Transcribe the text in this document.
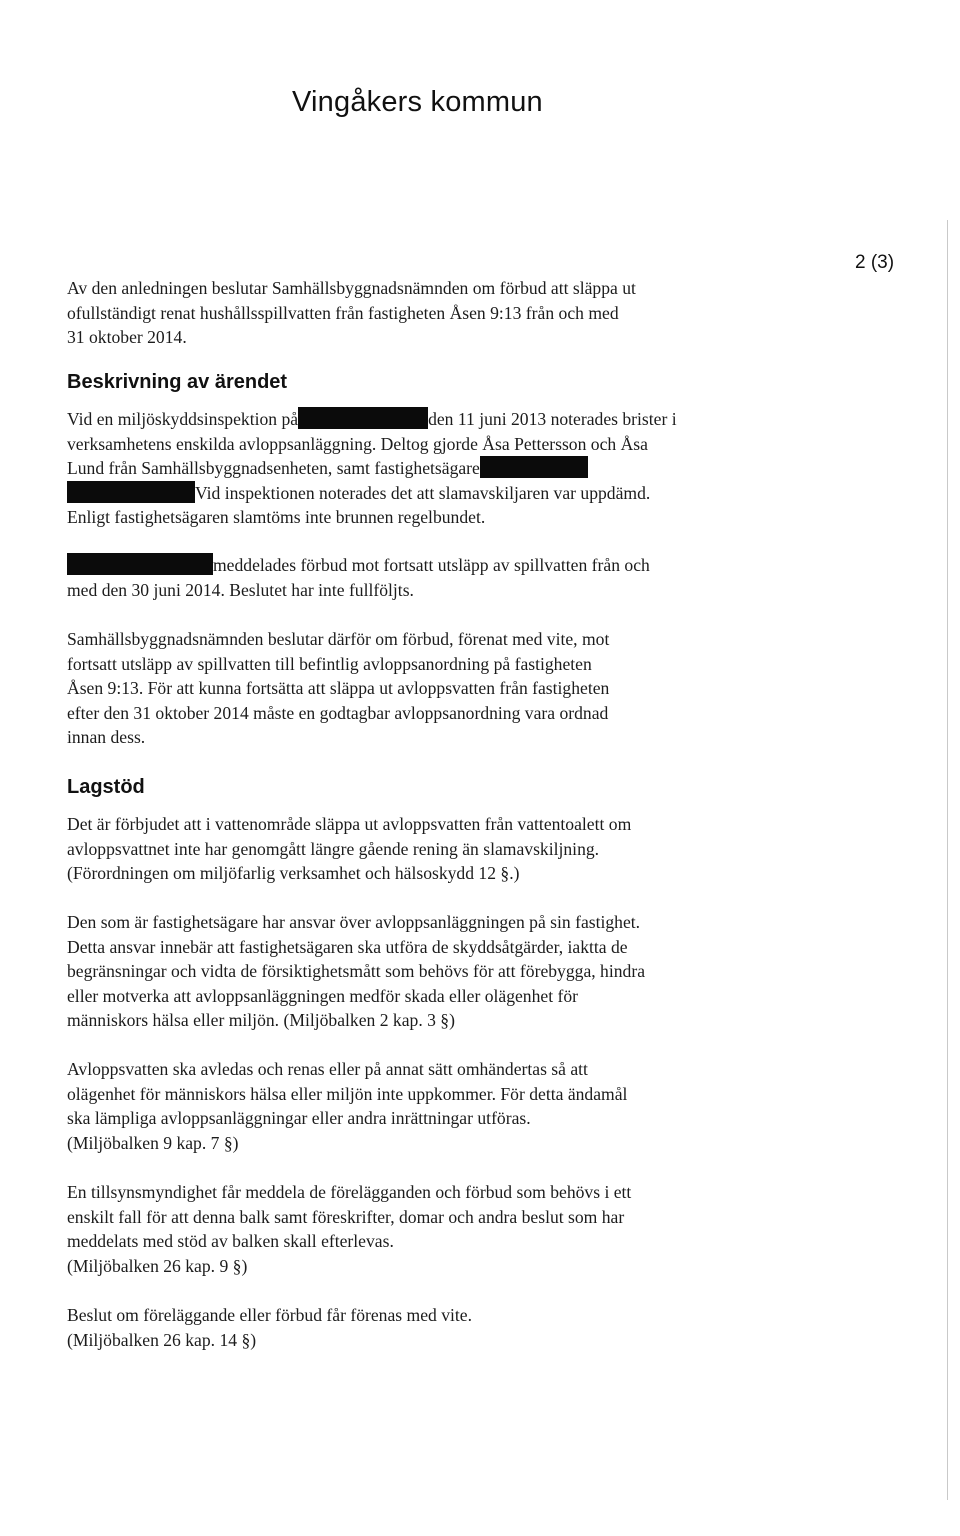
Vingåkers kommun
2 (3)

Av den anledningen beslutar Samhällsbyggnadsnämnden om förbud att släppa ut
ofullständigt renat hushållsspillvatten från fastigheten Åsen 9:13 från och med
31 oktober 2014.

Beskrivning av ärendet

Vid en miljöskyddsinspektion på	den 11 juni 2013 noterades brister i
verksamhetens enskilda avloppsanläggning. Deltog gjorde Åsa Pettersson och Åsa
Lund från Samhällsbyggnadsenheten, samt fastighetsägare
Vid inspektionen noterades det att slamavskiljaren var uppdämd.
Enligt fastighetsägaren slamtöms inte brunnen regelbundet.

meddelades förbud mot fortsatt utsläpp av spillvatten från och
med den 30 juni 2014. Beslutet har inte fullföljts.

Samhällsbyggnadsnämnden beslutar därför om förbud, förenat med vite, mot
fortsatt utsläpp av spillvatten till befintlig avloppsanordning på fastigheten
Åsen 9:13. För att kunna fortsätta att släppa ut avloppsvatten från fastigheten
efter den 31 oktober 2014 måste en godtagbar avloppsanordning vara ordnad
innan dess.

Lagstöd

Det är förbjudet att i vattenområde släppa ut avloppsvatten från vattentoalett om
avloppsvattnet inte har genomgått längre gående rening än slamavskiljning.
(Förordningen om miljöfarlig verksamhet och hälsoskydd 12 §.)

Den som är fastighetsägare har ansvar över avloppsanläggningen på sin fastighet.
Detta ansvar innebär att fastighetsägaren ska utföra de skyddsåtgärder, iaktta de
begränsningar och vidta de försiktighetsmått som behövs för att förebygga, hindra
eller motverka att avloppsanläggningen medför skada eller olägenhet för
människors hälsa eller miljön. (Miljöbalken 2 kap. 3 §)

Avloppsvatten ska avledas och renas eller på annat sätt omhändertas så att
olägenhet för människors hälsa eller miljön inte uppkommer. För detta ändamål
ska lämpliga avloppsanläggningar eller andra inrättningar utföras.
(Miljöbalken 9 kap. 7 §)

En tillsynsmyndighet får meddela de förelägganden och förbud som behövs i ett
enskilt fall för att denna balk samt föreskrifter, domar och andra beslut som har
meddelats med stöd av balken skall efterlevas.
(Miljöbalken 26 kap. 9 §)

Beslut om föreläggande eller förbud får förenas med vite.
(Miljöbalken 26 kap. 14 §)
